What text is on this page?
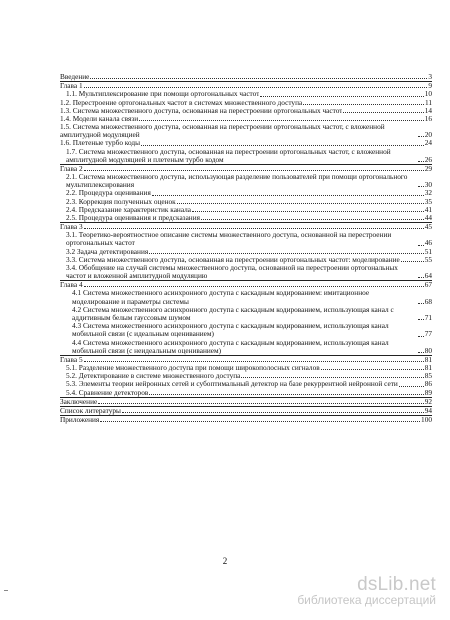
Введение	3
Глава 1	9
1.1. Мультиплексирование при помощи ортогональных частот	10
1.2. Перестроение ортогональных частот в системах множественного доступа	11
1.3. Система множественного доступа, основанная на перестроении ортогональных частот	14
1.4. Модели канала связи	16
1.5. Система множественного доступа, основанная на перестроении ортогональных частот, с вложенной амплитудной модуляцией	20
1.6. Плетеные турбо коды	24
1.7. Система множественного доступа, основанная на перестроении ортогональных частот, с вложенной амплитудной модуляцией и плетеным турбо кодом	26
Глава 2	29
2.1. Система множественного доступа, использующая разделение пользователей при помощи ортогонального мультиплексирования	30
2.2. Процедура оценивания	32
2.3. Коррекция полученных оценок	35
2.4. Предсказание характеристик канала	41
2.5. Процедура оценивания и предсказания	44
Глава 3	45
3.1. Теоретико-вероятностное описание системы множественного доступа, основанной на перестроении ортогональных частот	46
3.2 Задача детектирования	51
3.3. Система множественного доступа, основанная на перестроении ортогональных частот: моделирование	55
3.4. Обобщение на случай системы множественного доступа, основанной на перестроении ортогональных частот и вложенной амплитудной модуляцию	64
Глава 4	67
4.1 Система множественного асинхронного доступа с каскадным кодированием: имитационное моделирование и параметры системы	68
4.2 Система множественного асинхронного доступа с каскадным кодированием, использующая канал с аддитивным белым гауссовым шумом	71
4.3 Система множественного асинхронного доступа с каскадным кодированием, использующая канал мобильной связи (с идеальным оцениванием)	77
4.4 Система множественного асинхронного доступа с каскадным кодированием, использующая канал мобильной связи (с неидеальным оцениванием)	80
Глава 5	81
5.1. Разделение множественного доступа при помощи широкополосных сигналов	81
5.2. Детектирование в системе множественного доступа	85
5.3. Элементы теории нейронных сетей и субоптимальный детектор на базе рекуррентной нейронной сети	86
5.4. Сравнение детекторов	89
Заключение	92
Список литературы	94
Приложения	100
2
dsLib.net
библиотека диссертаций
